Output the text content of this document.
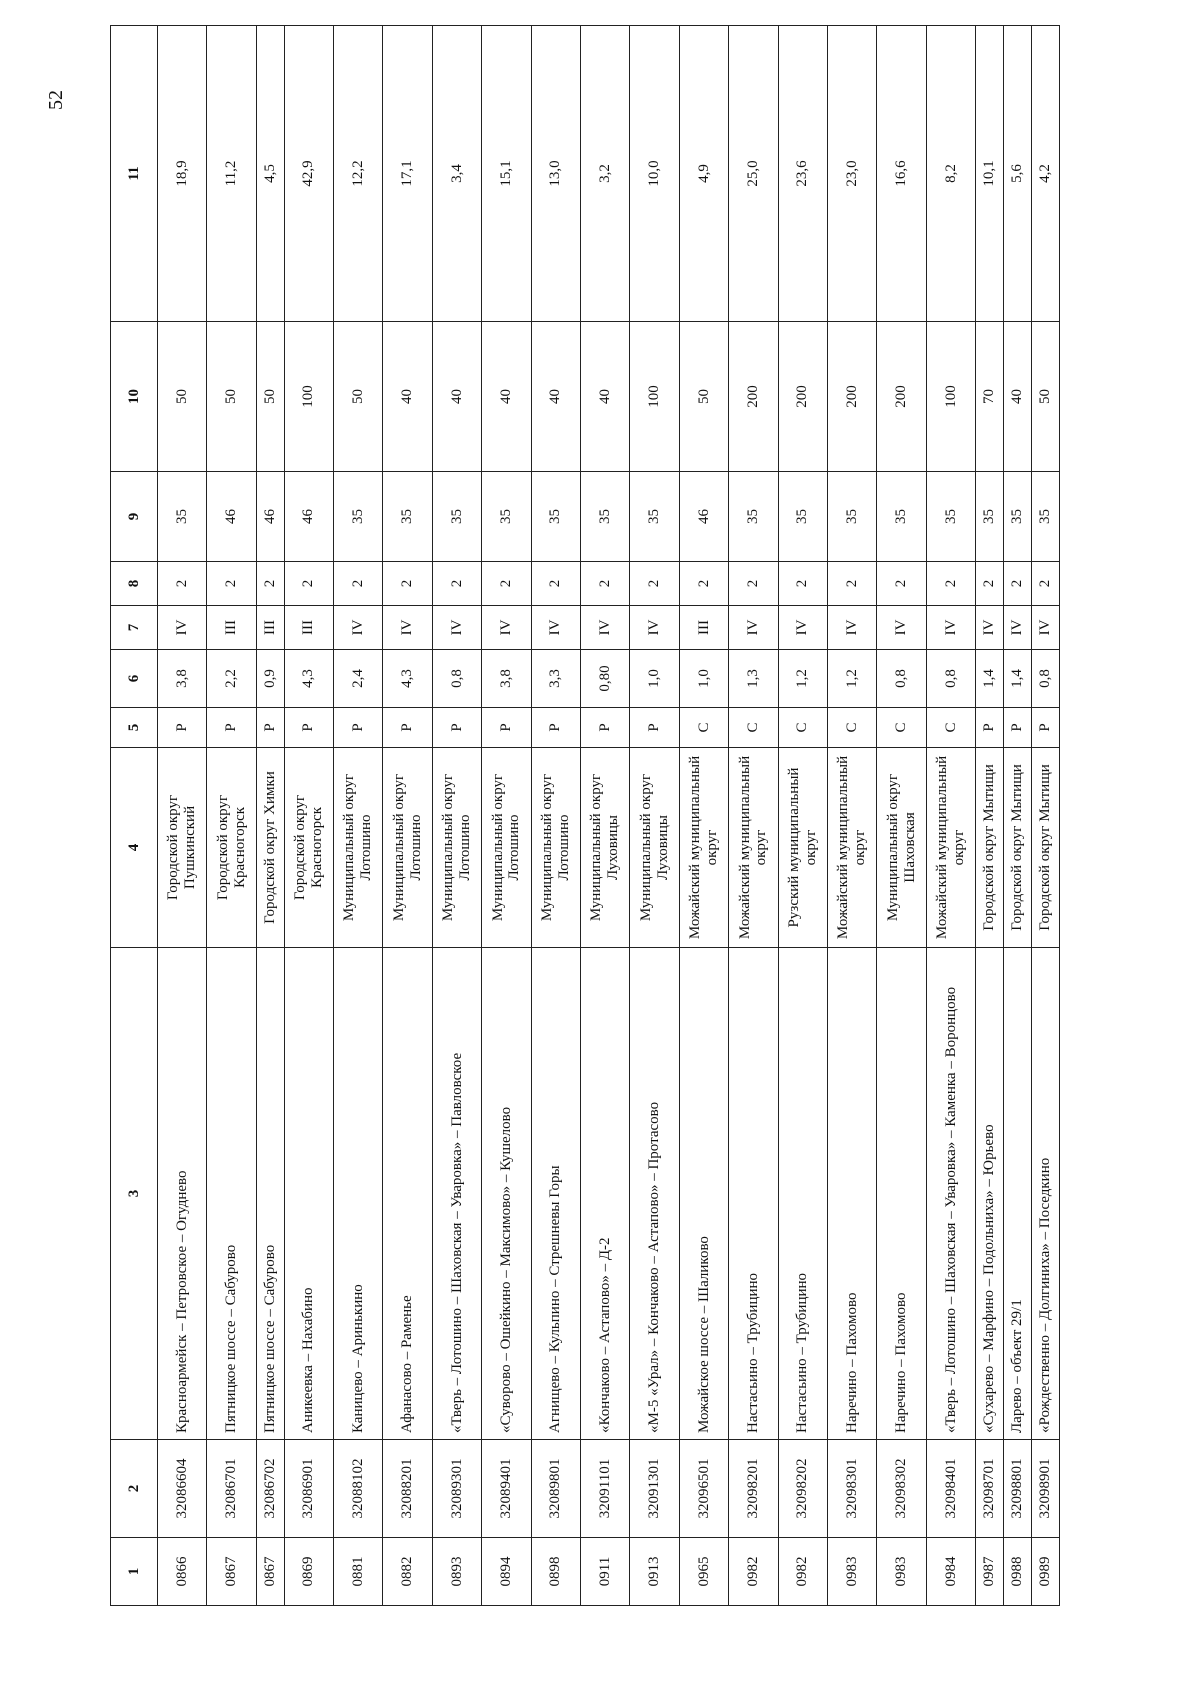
52
1	2	3	4	5	6	7	8	9	10	11
0866	32086604	Красноармейск – Петровское – Огуднево	Городской округ Пушкинский	Р	3,8	IV	2	35	50	18,9
0867	32086701	Пятницкое шоссе – Сабурово	Городской округ Красногорск	Р	2,2	III	2	46	50	11,2
0867	32086702	Пятницкое шоссе – Сабурово	Городской округ Химки	Р	0,9	III	2	46	50	4,5
0869	32086901	Аникеевка – Нахабино	Городской округ Красногорск	Р	4,3	III	2	46	100	42,9
0881	32088102	Каницево – Аринькино	Муниципальный округ Лотошино	Р	2,4	IV	2	35	50	12,2
0882	32088201	Афанасово – Раменье	Муниципальный округ Лотошино	Р	4,3	IV	2	35	40	17,1
0893	32089301	«Тверь – Лотошино – Шаховская – Уваровка» – Павловское	Муниципальный округ Лотошино	Р	0,8	IV	2	35	40	3,4
0894	32089401	«Суворово – Ошейкино – Максимово» – Кушелово	Муниципальный округ Лотошино	Р	3,8	IV	2	35	40	15,1
0898	32089801	Агнищево – Кульпино – Стрешневы Горы	Муниципальный округ Лотошино	Р	3,3	IV	2	35	40	13,0
0911	32091101	«Кончаково – Астапово» – Д-2	Муниципальный округ Луховицы	Р	0,80	IV	2	35	40	3,2
0913	32091301	«М-5 «Урал» – Кончаково – Астапово» – Протасово	Муниципальный округ Луховицы	Р	1,0	IV	2	35	100	10,0
0965	32096501	Можайское шоссе – Шаликово	Можайский муниципальный округ	С	1,0	III	2	46	50	4,9
0982	32098201	Настасьино – Трубицино	Можайский муниципальный округ	С	1,3	IV	2	35	200	25,0
0982	32098202	Настасьино – Трубицино	Рузский муниципальный округ	С	1,2	IV	2	35	200	23,6
0983	32098301	Наречино – Пахомово	Можайский муниципальный округ	С	1,2	IV	2	35	200	23,0
0983	32098302	Наречино – Пахомово	Муниципальный округ Шаховская	С	0,8	IV	2	35	200	16,6
0984	32098401	«Тверь – Лотошино – Шаховская – Уваровка» – Каменка – Воронцово	Можайский муниципальный округ	С	0,8	IV	2	35	100	8,2
0987	32098701	«Сухарево – Марфино – Подольниха» – Юрьево	Городской округ Мытищи	Р	1,4	IV	2	35	70	10,1
0988	32098801	Ларево – объект 29/1	Городской округ Мытищи	Р	1,4	IV	2	35	40	5,6
0989	32098901	«Рождественно – Долгиниха» – Поседкино	Городской округ Мытищи	Р	0,8	IV	2	35	50	4,2
